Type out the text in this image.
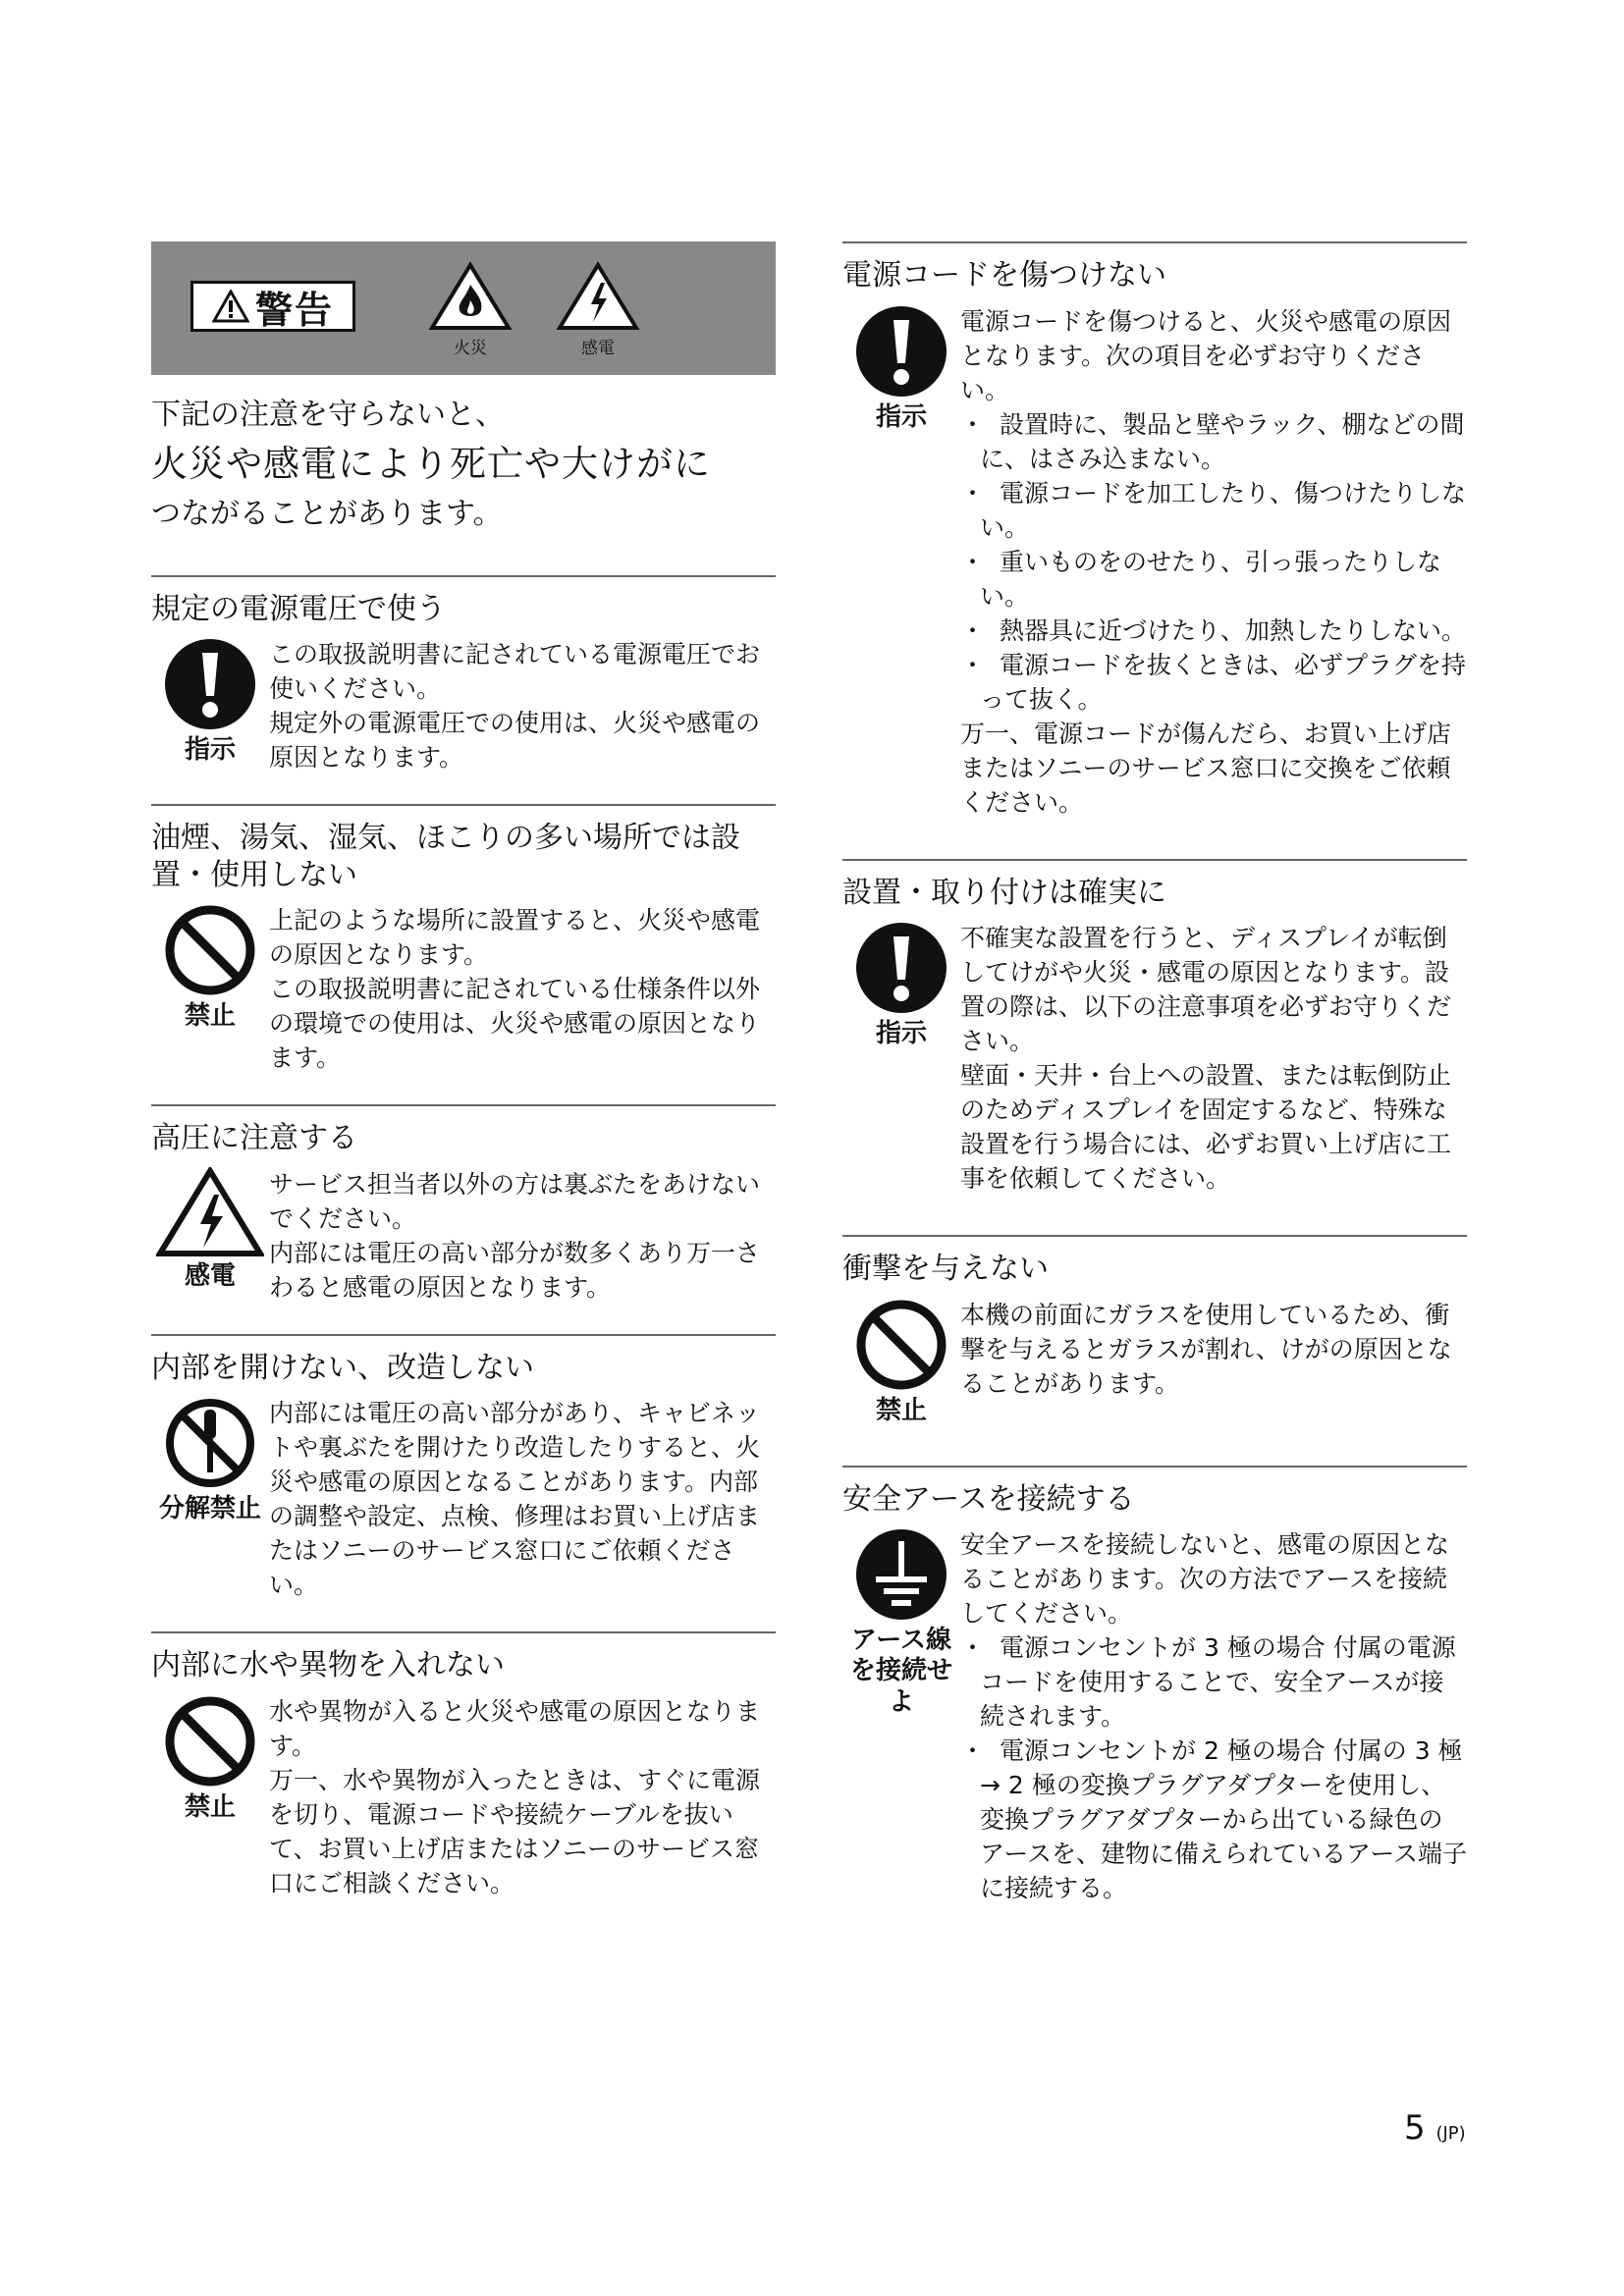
警告
火災	感電
下記の注意を守らないと、
火災や感電により死亡や大けがに
つながることがあります。
規定の電源電圧で使う
指示

この取扱説明書に記されている電源電圧でお使いください。

規定外の電源電圧での使用は、火災や感電の原因となります。

油煙、湯気、湿気、ほこりの多い場所では設置・使用しない
禁止

上記のような場所に設置すると、火災や感電の原因となります。

この取扱説明書に記されている仕様条件以外の環境での使用は、火災や感電の原因となります。

高圧に注意する
感電

サービス担当者以外の方は裏ぶたをあけないでください。

内部には電圧の高い部分が数多くあり万一さわると感電の原因となります。

内部を開けない、改造しない
分解禁止

内部には電圧の高い部分があり、キャビネットや裏ぶたを開けたり改造したりすると、火災や感電の原因となることがあります。内部の調整や設定、点検、修理はお買い上げ店またはソニーのサービス窓口にご依頼ください。

内部に水や異物を入れない
禁止

水や異物が入ると火災や感電の原因となります。

万一、水や異物が入ったときは、すぐに電源を切り、電源コードや接続ケーブルを抜いて、お買い上げ店またはソニーのサービス窓口にご相談ください。

電源コードを傷つけない
指示

電源コードを傷つけると、火災や感電の原因となります。次の項目を必ずお守りください。

・ 設置時に、製品と壁やラック、棚などの間に、はさみ込まない。

・ 電源コードを加工したり、傷つけたりしない。

・ 重いものをのせたり、引っ張ったりしない。

・ 熱器具に近づけたり、加熱したりしない。

・ 電源コードを抜くときは、必ずプラグを持って抜く。

万一、電源コードが傷んだら、お買い上げ店またはソニーのサービス窓口に交換をご依頼ください。

設置・取り付けは確実に
指示

不確実な設置を行うと、ディスプレイが転倒してけがや火災・感電の原因となります。設置の際は、以下の注意事項を必ずお守りください。

壁面・天井・台上への設置、または転倒防止のためディスプレイを固定するなど、特殊な設置を行う場合には、必ずお買い上げ店に工事を依頼してください。

衝撃を与えない
禁止

本機の前面にガラスを使用しているため、衝撃を与えるとガラスが割れ、けがの原因となることがあります。

安全アースを接続する
アース線を接続せよ

安全アースを接続しないと、感電の原因となることがあります。次の方法でアースを接続してください。

・ 電源コンセントが 3 極の場合 付属の電源コードを使用することで、安全アースが接続されます。

・ 電源コンセントが 2 極の場合 付属の 3 極→ 2 極の変換プラグアダプターを使用し、変換プラグアダプターから出ている緑色のアースを、建物に備えられているアース端子に接続する。

5 (JP)
